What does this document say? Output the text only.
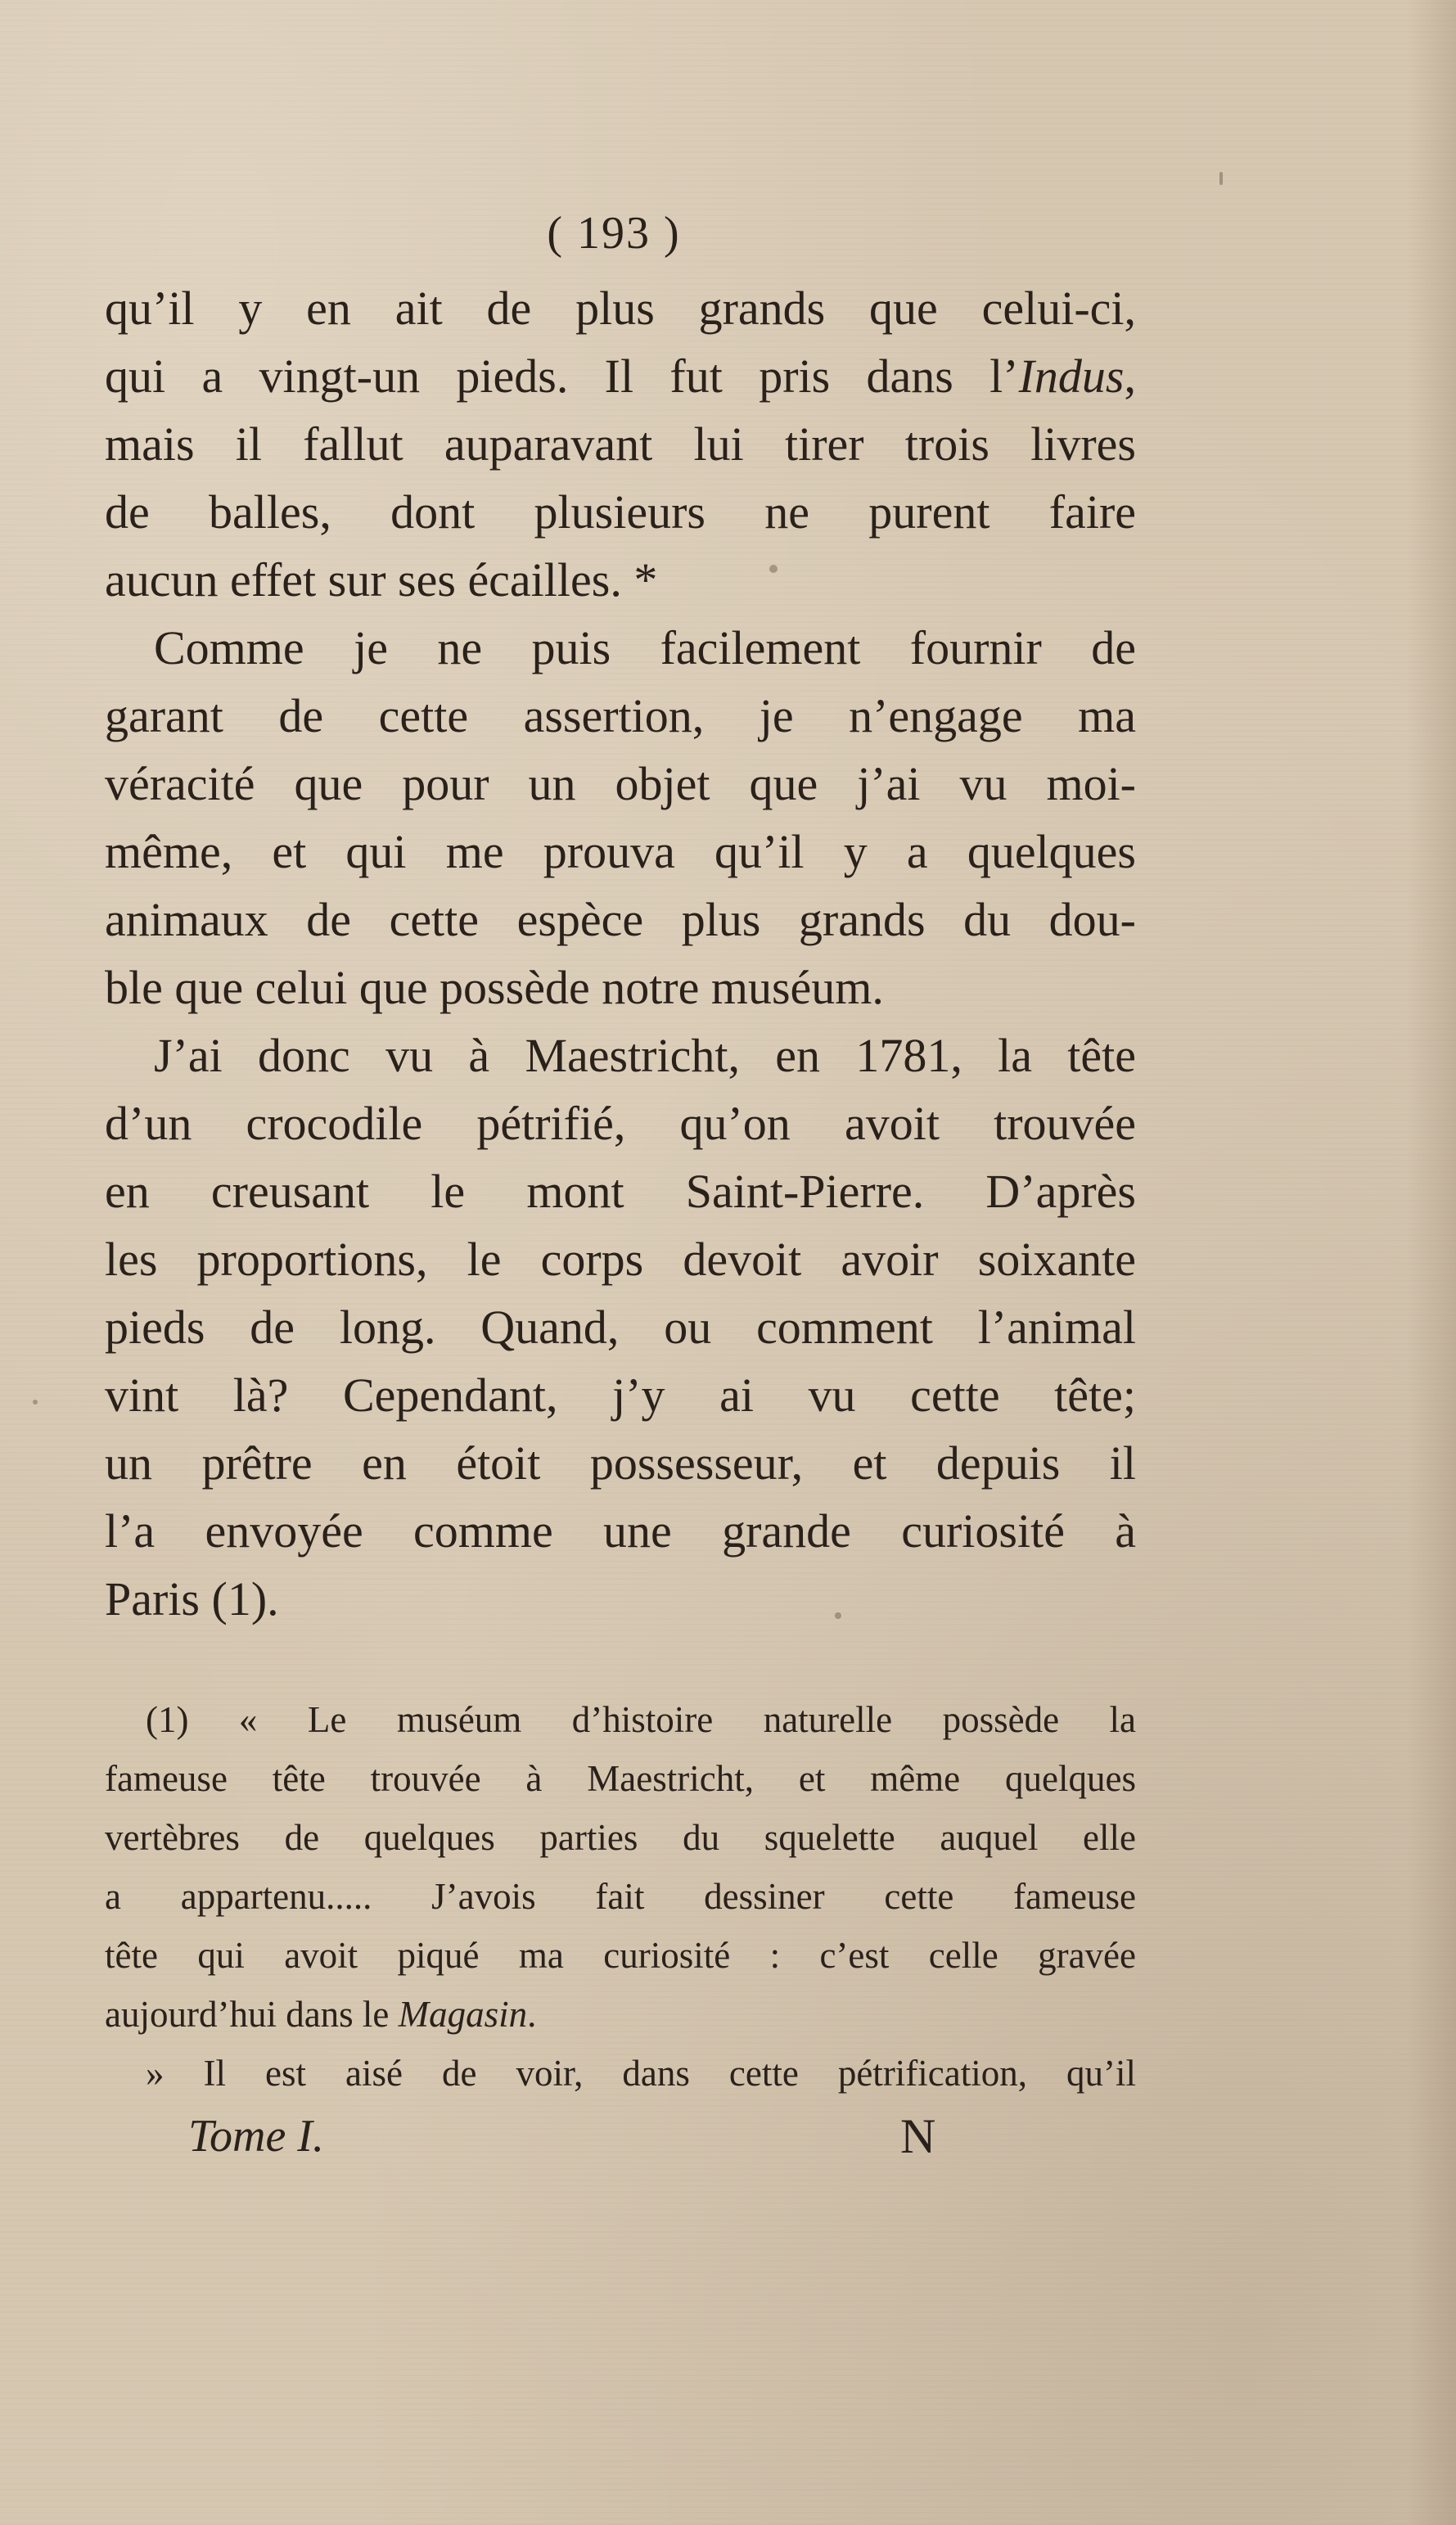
( 193 )

qu’il y en ait de plus grands que celui-ci,
qui a vingt-un pieds. Il fut pris dans l’Indus,
mais il fallut auparavant lui tirer trois livres
de balles, dont plusieurs ne purent faire
aucun effet sur ses écailles. *

Comme je ne puis facilement fournir de
garant de cette assertion, je n’engage ma
véracité que pour un objet que j’ai vu moi-
même, et qui me prouva qu’il y a quelques
animaux de cette espèce plus grands du dou-
ble que celui que possède notre muséum.

J’ai donc vu à Maestricht, en 1781, la tête
d’un crocodile pétrifié, qu’on avoit trouvée
en creusant le mont Saint-Pierre. D’après
les proportions, le corps devoit avoir soixante
pieds de long. Quand, ou comment l’animal
vint là? Cependant, j’y ai vu cette tête;
un prêtre en étoit possesseur, et depuis il
l’a envoyée comme une grande curiosité à
Paris (1).

(1) « Le muséum d’histoire naturelle possède la
fameuse tête trouvée à Maestricht, et même quelques
vertèbres de quelques parties du squelette auquel elle
a appartenu..... J’avois fait dessiner cette fameuse
tête qui avoit piqué ma curiosité : c’est celle gravée
aujourd’hui dans le Magasin.
» Il est aisé de voir, dans cette pétrification, qu’il
Tome I.	N
